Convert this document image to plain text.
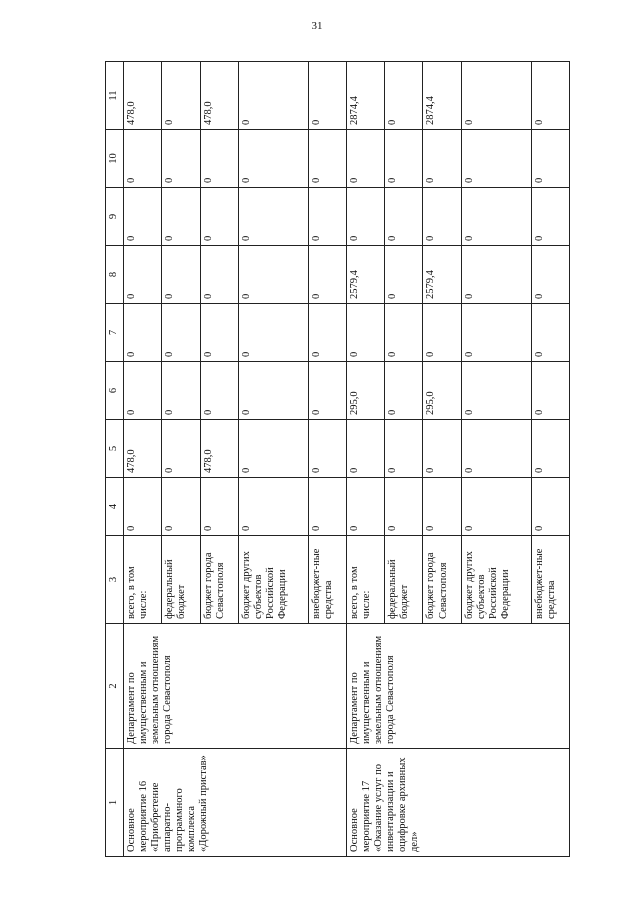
31
1	2	3	4	5	6	7	8	9	10	11
Основное мероприятие 16 «Приобретение аппаратно-программного комплекса «Дорожный пристав»	Департамент по имущественным и земельным отношениям города Севастополя	всего, в том числе:	0	478,0	0	0	0	0	0	478,0
		федеральный бюджет	0	0	0	0	0	0	0	0
		бюджет города Севастополя	0	478,0	0	0	0	0	0	478,0
		бюджет других субъектов Российской Федерации	0	0	0	0	0	0	0	0
		внебюджет-ные средства	0	0	0	0	0	0	0	0
Основное мероприятие 17 «Оказание услуг по инвентаризации и оцифровке архивных дел»	Департамент по имущественным и земельным отношениям города Севастополя	всего, в том числе:	0	0	295,0	0	2579,4	0	0	2874,4
		федеральный бюджет	0	0	0	0	0	0	0	0
		бюджет города Севастополя	0	0	295,0	0	2579,4	0	0	2874,4
		бюджет других субъектов Российской Федерации	0	0	0	0	0	0	0	0
		внебюджет-ные средства	0	0	0	0	0	0	0	0
